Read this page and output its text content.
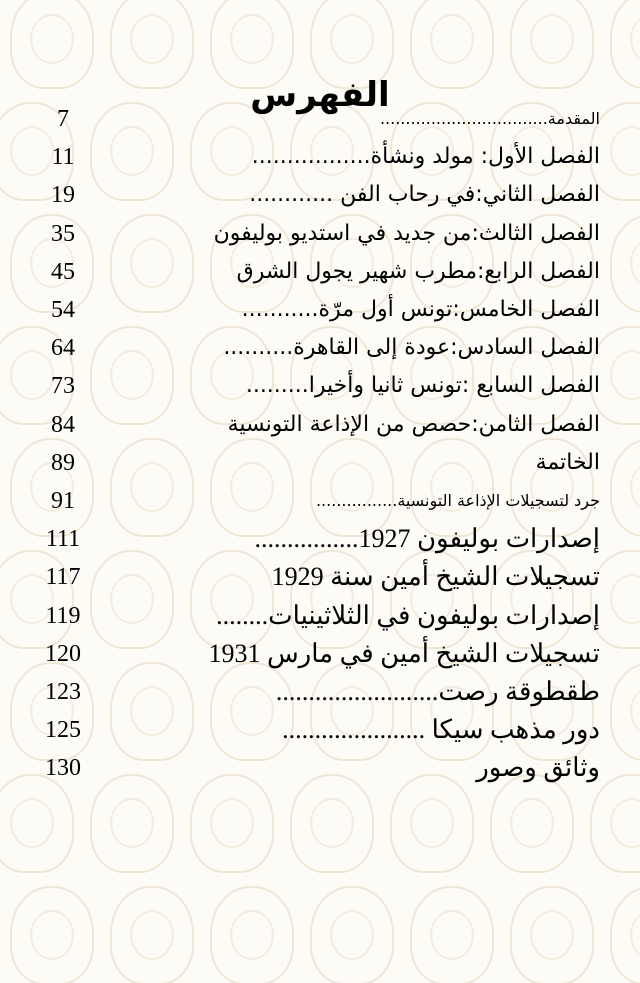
الفهرس
7	المقدمة.................................
11	الفصل الأول: مولد ونشأة.................
19	الفصل الثاني:في رحاب الفن ............
35	الفصل الثالث:من جديد في استديو بوليفون
45	الفصل الرابع:مطرب شهير يجول الشرق
54	الفصل الخامس:تونس أول مرّة...........
64	الفصل السادس:عودة إلى القاهرة..........
73	الفصل السابع :تونس ثانيا وأخيرا.........
84	الفصل الثامن:حصص من الإذاعة التونسية
89	الخاتمة
91	جرد لتسجيلات الإذاعة التونسية................
111	إصدارات بوليفون 1927................
117	تسجيلات الشيخ أمين سنة 1929
119	إصدارات بوليفون في الثلاثينيات........
120	تسجيلات الشيخ أمين في مارس 1931
123	طقطوقة رصت.........................
125	دور مذهب سيكا ......................
130	وثائق وصور
